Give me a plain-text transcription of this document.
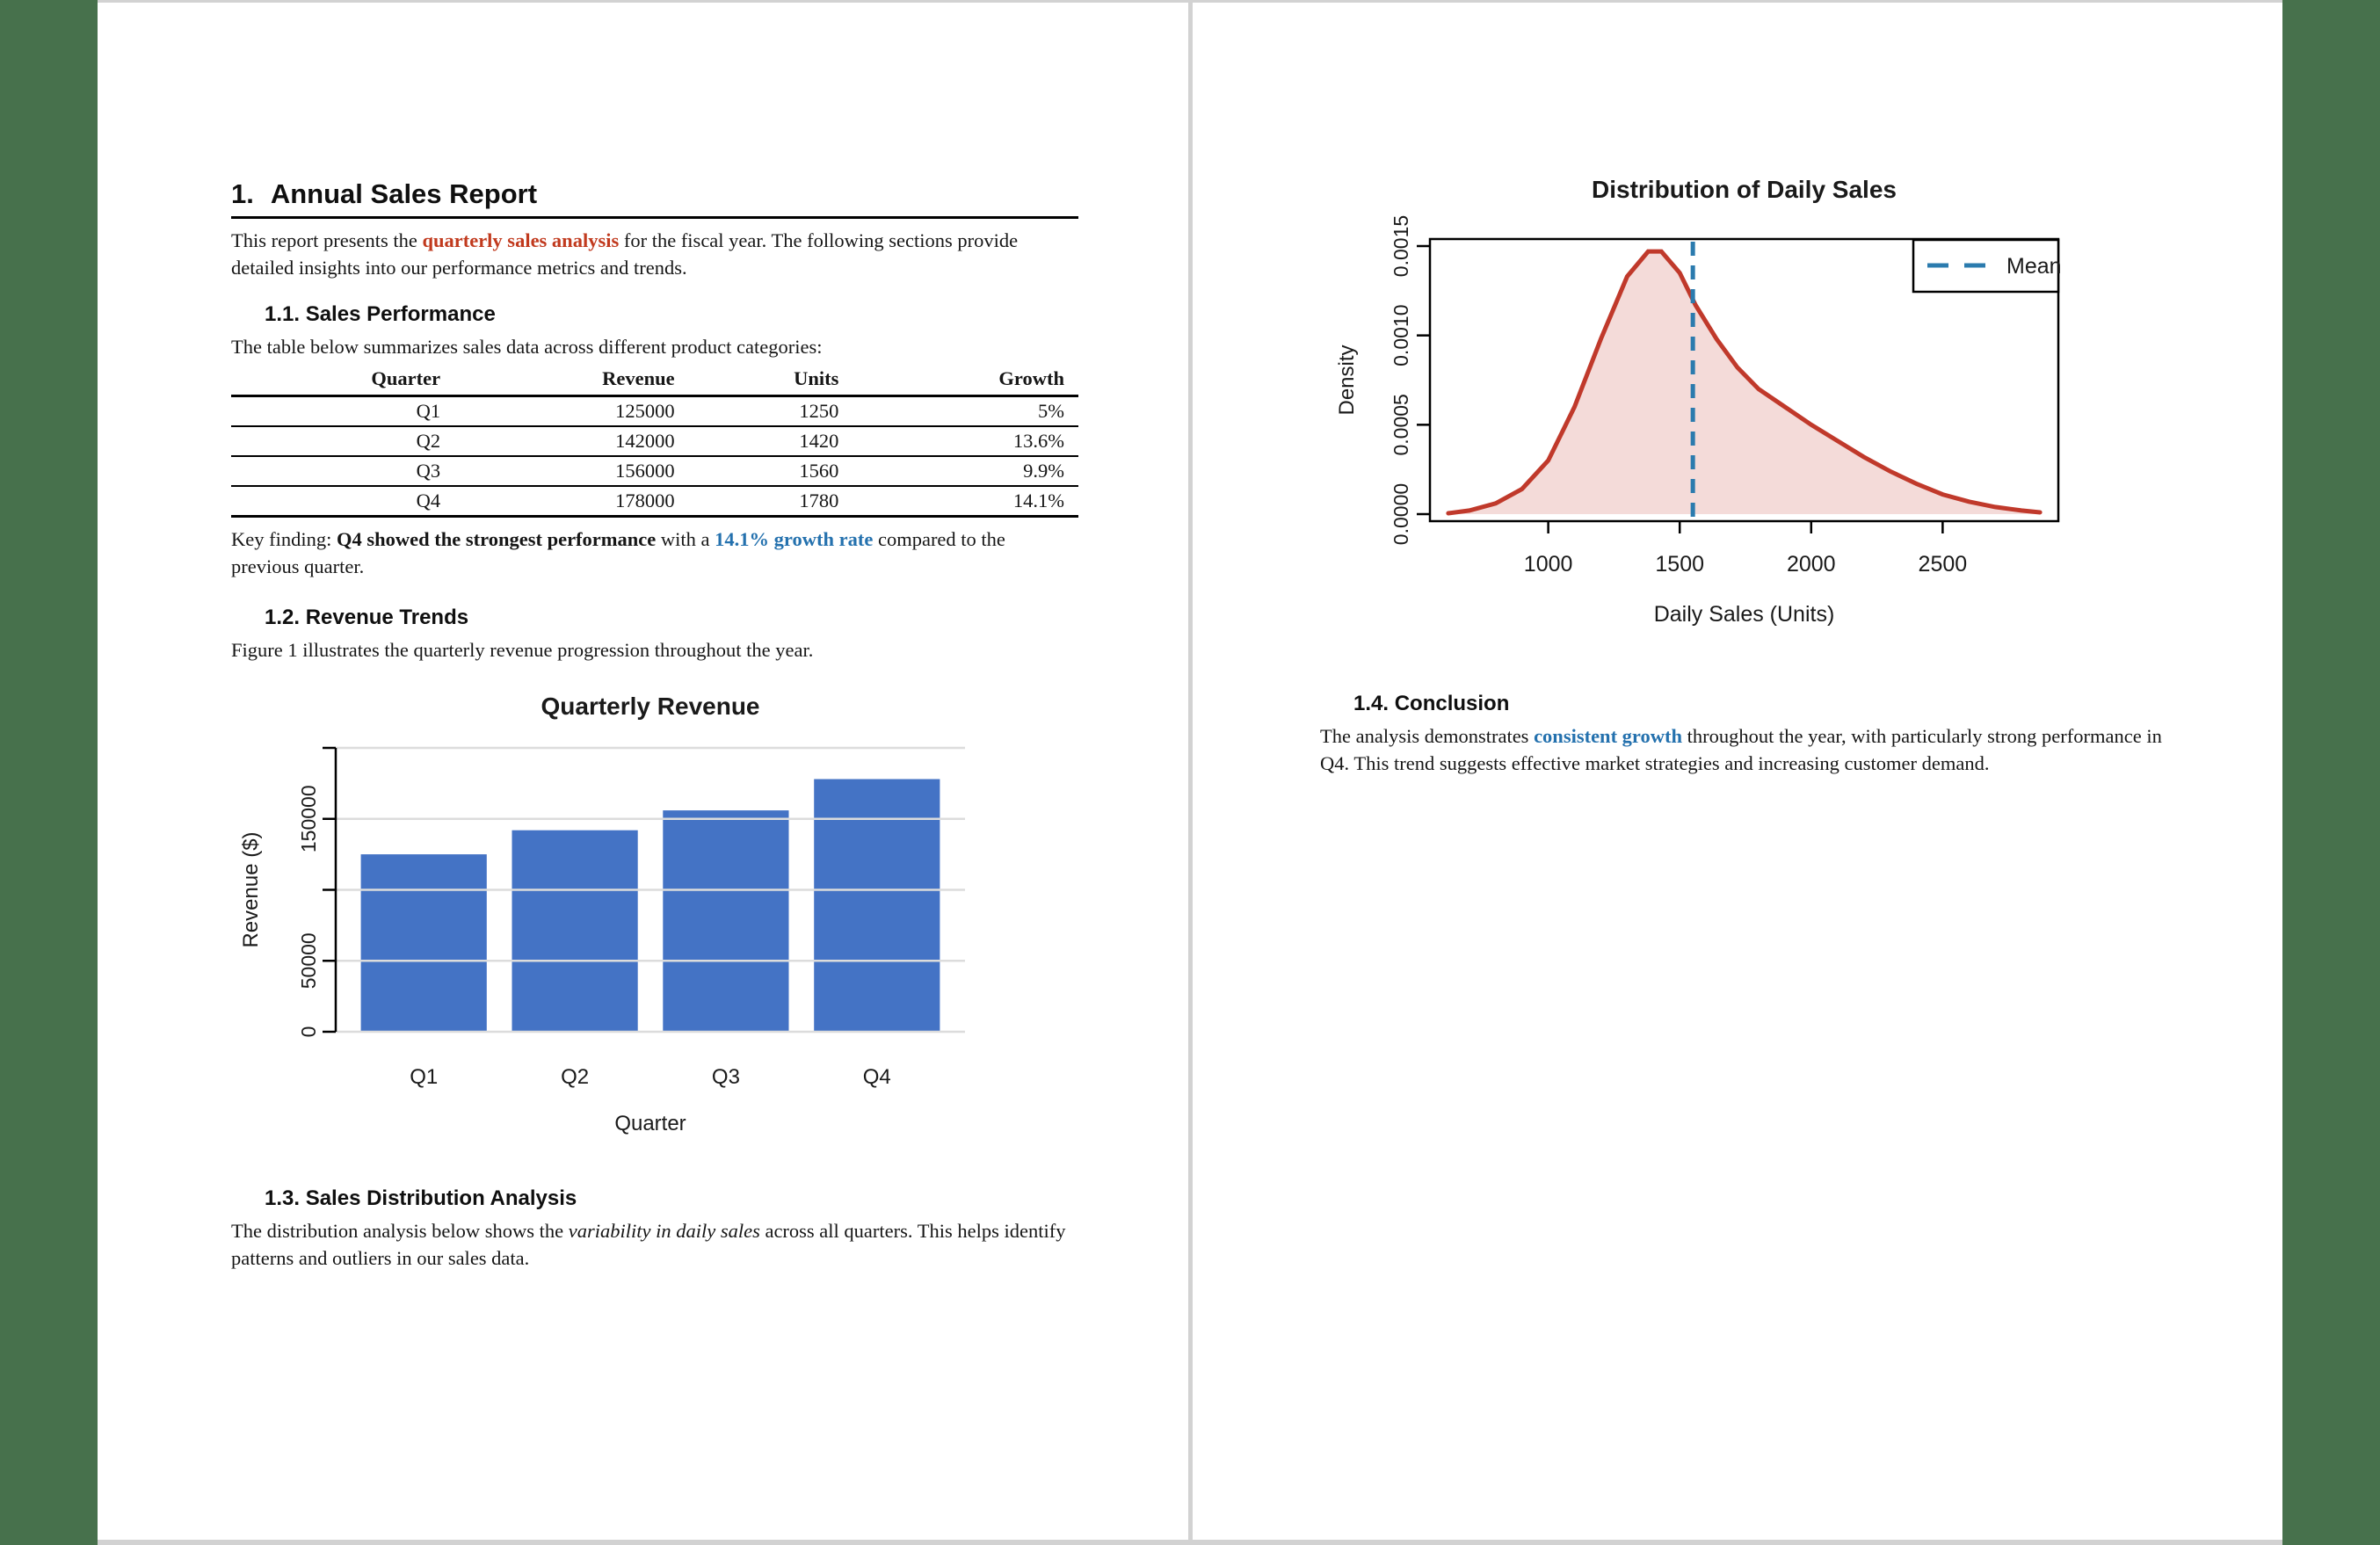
1. Annual Sales Report

This report presents the quarterly sales analysis for the fiscal year. The following sections provide detailed insights into our performance metrics and trends.

1.1. Sales Performance

The table below summarizes sales data across different product categories:

Quarter	Revenue	Units	Growth
Q1	125000	1250	5%
Q2	142000	1420	13.6%
Q3	156000	1560	9.9%
Q4	178000	1780	14.1%

Key finding: Q4 showed the strongest performance with a 14.1% growth rate compared to the previous quarter.

1.2. Revenue Trends

Figure 1 illustrates the quarterly revenue progression throughout the year.

0
50000
150000
Quarterly Revenue
Revenue ($)
Q1	Q2	Q3	Q4
Quarter
1.3. Sales Distribution Analysis

The distribution analysis below shows the variability in daily sales across all quarters. This helps identify patterns and outliers in our sales data.

1000	1500	2000	2500
0.0000
0.0005
0.0010
0.0015
Distribution of Daily Sales
Daily Sales (Units)
Density
Mean
1.4. Conclusion

The analysis demonstrates consistent growth throughout the year, with particularly strong performance in Q4. This trend suggests effective market strategies and increasing customer demand.
